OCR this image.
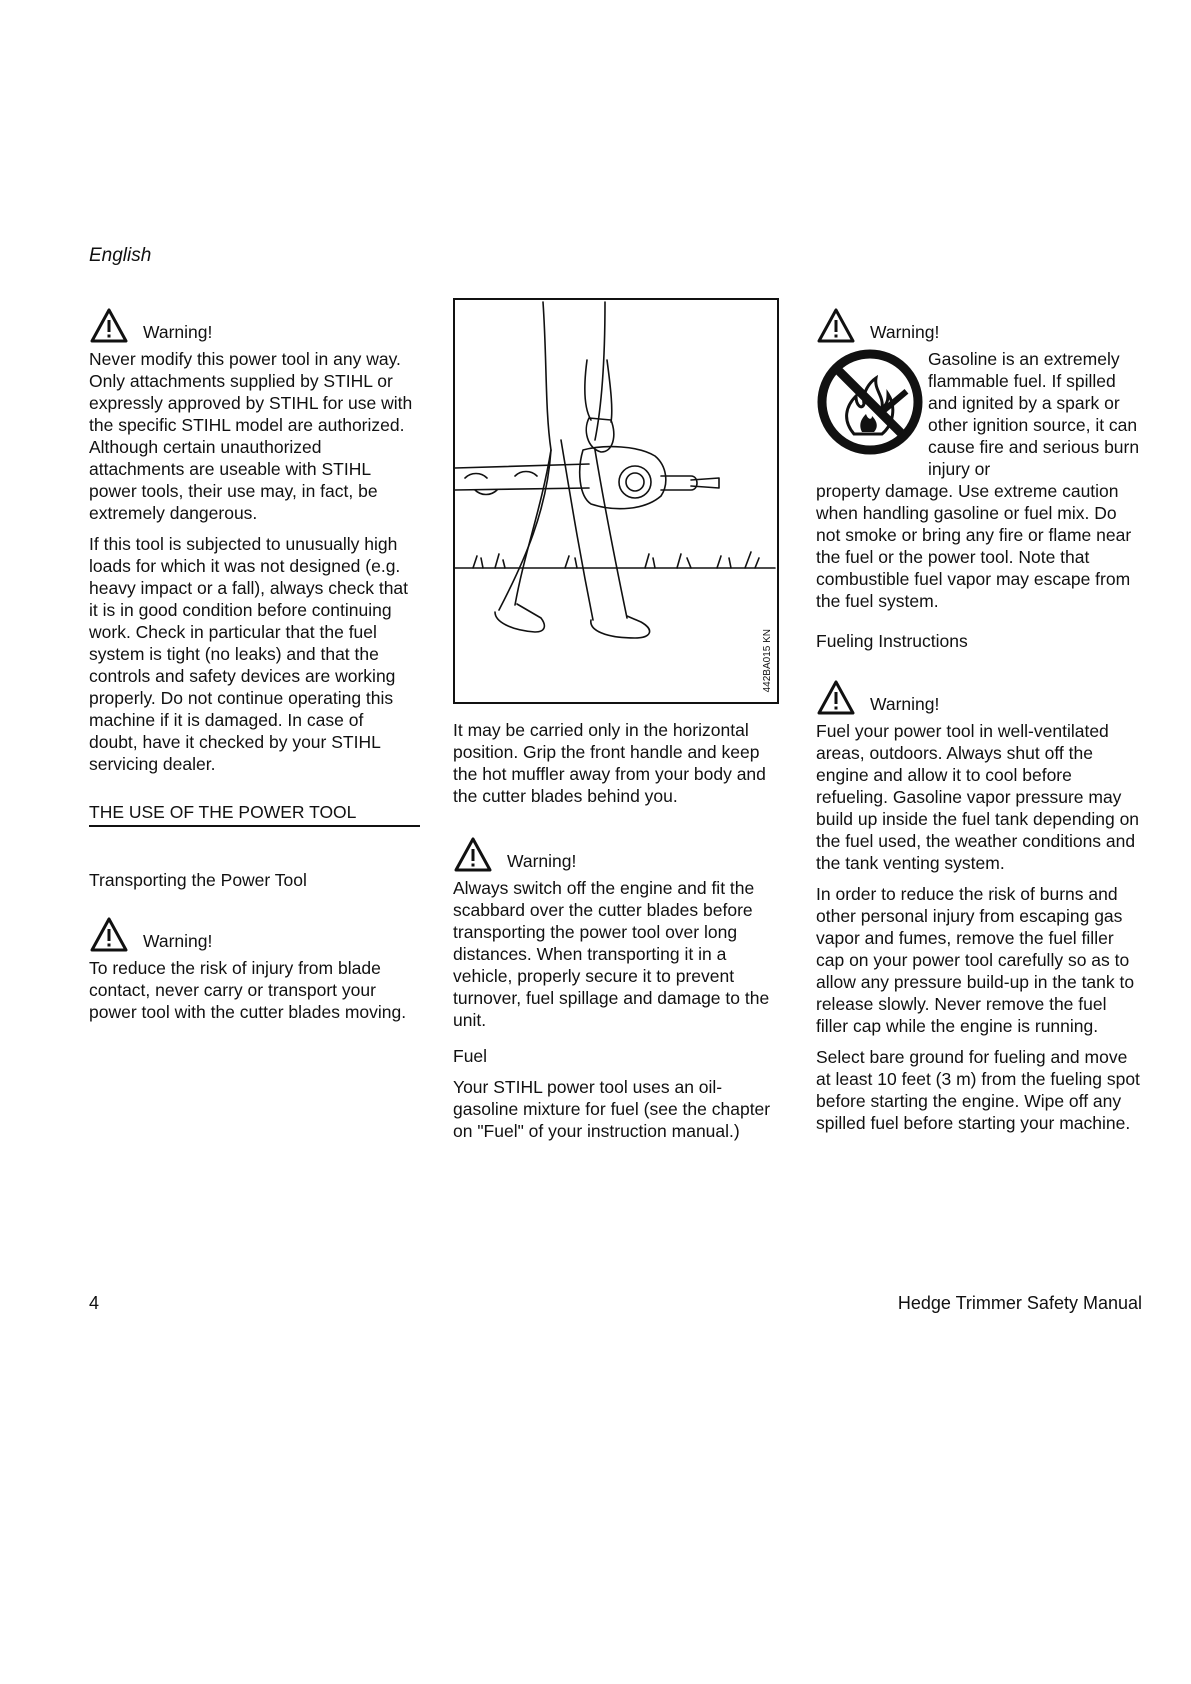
English
Warning!

Never modify this power tool in any way. Only attachments supplied by STIHL or expressly approved by STIHL for use with the specific STIHL model are authorized. Although certain unauthorized attachments are useable with STIHL power tools, their use may, in fact, be extremely dangerous.

If this tool is subjected to unusually high loads for which it was not designed (e.g. heavy impact or a fall), always check that it is in good condition before continuing work. Check in particular that the fuel system is tight (no leaks) and that the controls and safety devices are working properly. Do not continue operating this machine if it is damaged. In case of doubt, have it checked by your STIHL servicing dealer.

THE USE OF THE POWER TOOL
Transporting the Power Tool
Warning!

To reduce the risk of injury from blade contact, never carry or transport your power tool with the cutter blades moving.

442BA015 KN

It may be carried only in the horizontal position. Grip the front handle and keep the hot muffler away from your body and the cutter blades behind you.

Warning!

Always switch off the engine and fit the scabbard over the cutter blades before transporting the power tool over long distances. When transporting it in a vehicle, properly secure it to prevent turnover, fuel spillage and damage to the unit.

Fuel

Your STIHL power tool uses an oil-gasoline mixture for fuel (see the chapter on "Fuel" of your instruction manual.)

Warning!

Gasoline is an extremely flammable fuel. If spilled and ignited by a spark or other ignition source, it can cause fire and serious burn injury or

property damage. Use extreme caution when handling gasoline or fuel mix. Do not smoke or bring any fire or flame near the fuel or the power tool. Note that combustible fuel vapor may escape from the fuel system.

Fueling Instructions
Warning!

Fuel your power tool in well-ventilated areas, outdoors. Always shut off the engine and allow it to cool before refueling. Gasoline vapor pressure may build up inside the fuel tank depending on the fuel used, the weather conditions and the tank venting system.

In order to reduce the risk of burns and other personal injury from escaping gas vapor and fumes, remove the fuel filler cap on your power tool carefully so as to allow any pressure build-up in the tank to release slowly. Never remove the fuel filler cap while the engine is running.

Select bare ground for fueling and move at least 10 feet (3 m) from the fueling spot before starting the engine. Wipe off any spilled fuel before starting your machine.

4	Hedge Trimmer Safety Manual
